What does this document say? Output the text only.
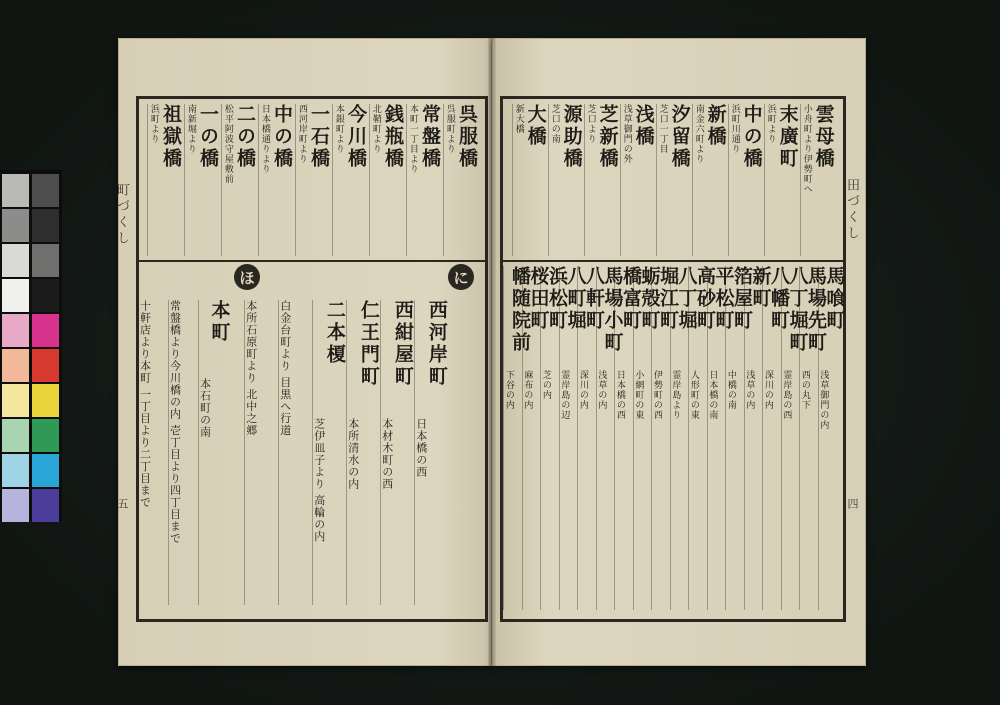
町づくし
五
呉服橋
呉服町より
常盤橋
本町一丁目より
銭瓶橋
北鞘町より
今川橋
本銀町より
一石橋
西河岸町より
中の橋
日本橋通りより
二の橋
松平阿波守屋敷前
一の橋
南新堀より
祖獄橋
浜町より
本町
本石町の南
常盤橋より今川橋の内 壱丁目より四丁目まで
十軒店より本町 一丁目より二丁目まで	西河岸町
日本橋の西
西紺屋町
本材木町の西
仁王門町
本所清水の内
二本榎
芝伊皿子より 高輪の内
白金台町より 目黒へ行道
本所石原町より 北中之郷
ほ	に
田づくし
四
雲母橋
小舟町より伊勢町へ
末廣町
浜町より
中の橋
浜町川通り
新橋
南金六町より
汐留橋
芝口一丁目
浅橋
浅草御門の外
芝新橋
芝口より
源助橋
芝口の南
大橋
新大橋
馬喰町
浅草御門の内
馬場先町
西の丸下
八丁堀町
霊岸島の西
八幡町
深川の内
新町
浅草の内
箔屋町
中橋の南
平松町
日本橋の南
高砂町
人形町の東
八丁堀
霊岸島より
堀江町
伊勢町の西
蛎殻町
小網町の東
橋富町
日本橋の西
馬場小町
浅草の内
八軒町
深川の内
八町堀
霊岸島の辺
浜松町
芝の内
桜田町
麻布の内
幡随院前
下谷の内
